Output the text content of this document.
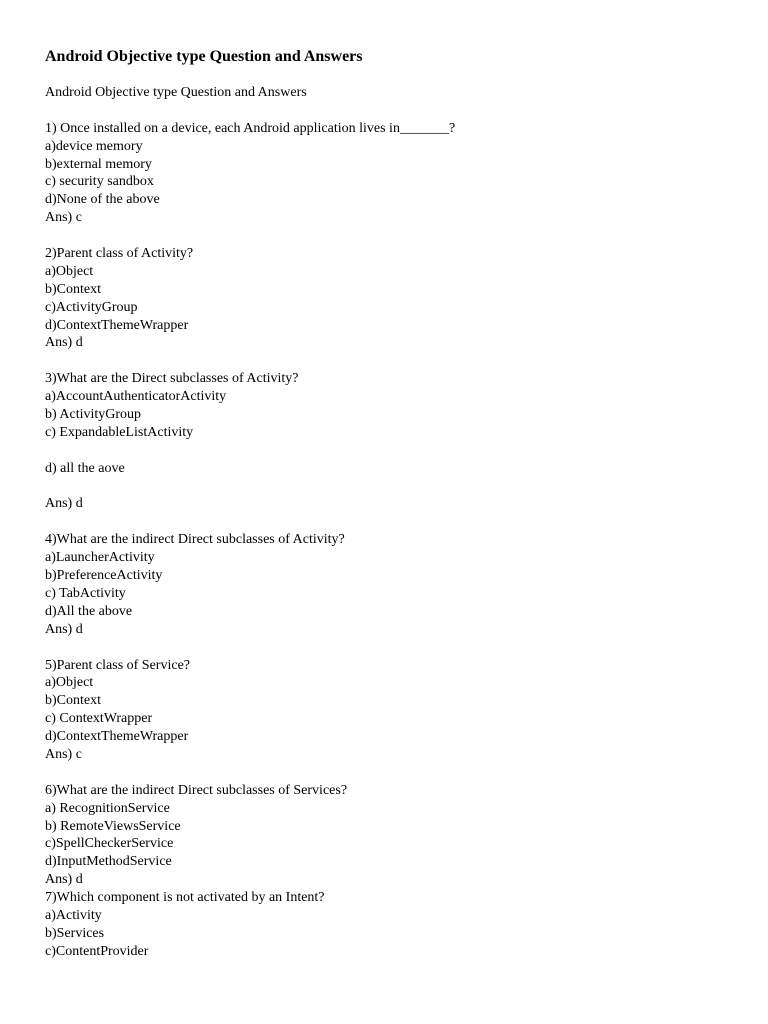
Android Objective type Question and Answers
Android Objective type Question and Answers
1) Once installed on a device, each Android application lives in_______?
a)device memory
b)external memory
c) security sandbox
d)None of the above
Ans) c
2)Parent class of Activity?
a)Object
b)Context
c)ActivityGroup
d)ContextThemeWrapper
Ans) d
3)What are the Direct subclasses of Activity?
a)AccountAuthenticatorActivity
b) ActivityGroup
c) ExpandableListActivity
d) all the aove
Ans) d
4)What are the indirect Direct subclasses of Activity?
a)LauncherActivity
b)PreferenceActivity
c) TabActivity
d)All the above
Ans) d
5)Parent class of Service?
a)Object
b)Context
c) ContextWrapper
d)ContextThemeWrapper
Ans) c
6)What are the indirect Direct subclasses of Services?
a) RecognitionService
b) RemoteViewsService
c)SpellCheckerService
d)InputMethodService
Ans) d
7)Which component is not activated by an Intent?
a)Activity
b)Services
c)ContentProvider
